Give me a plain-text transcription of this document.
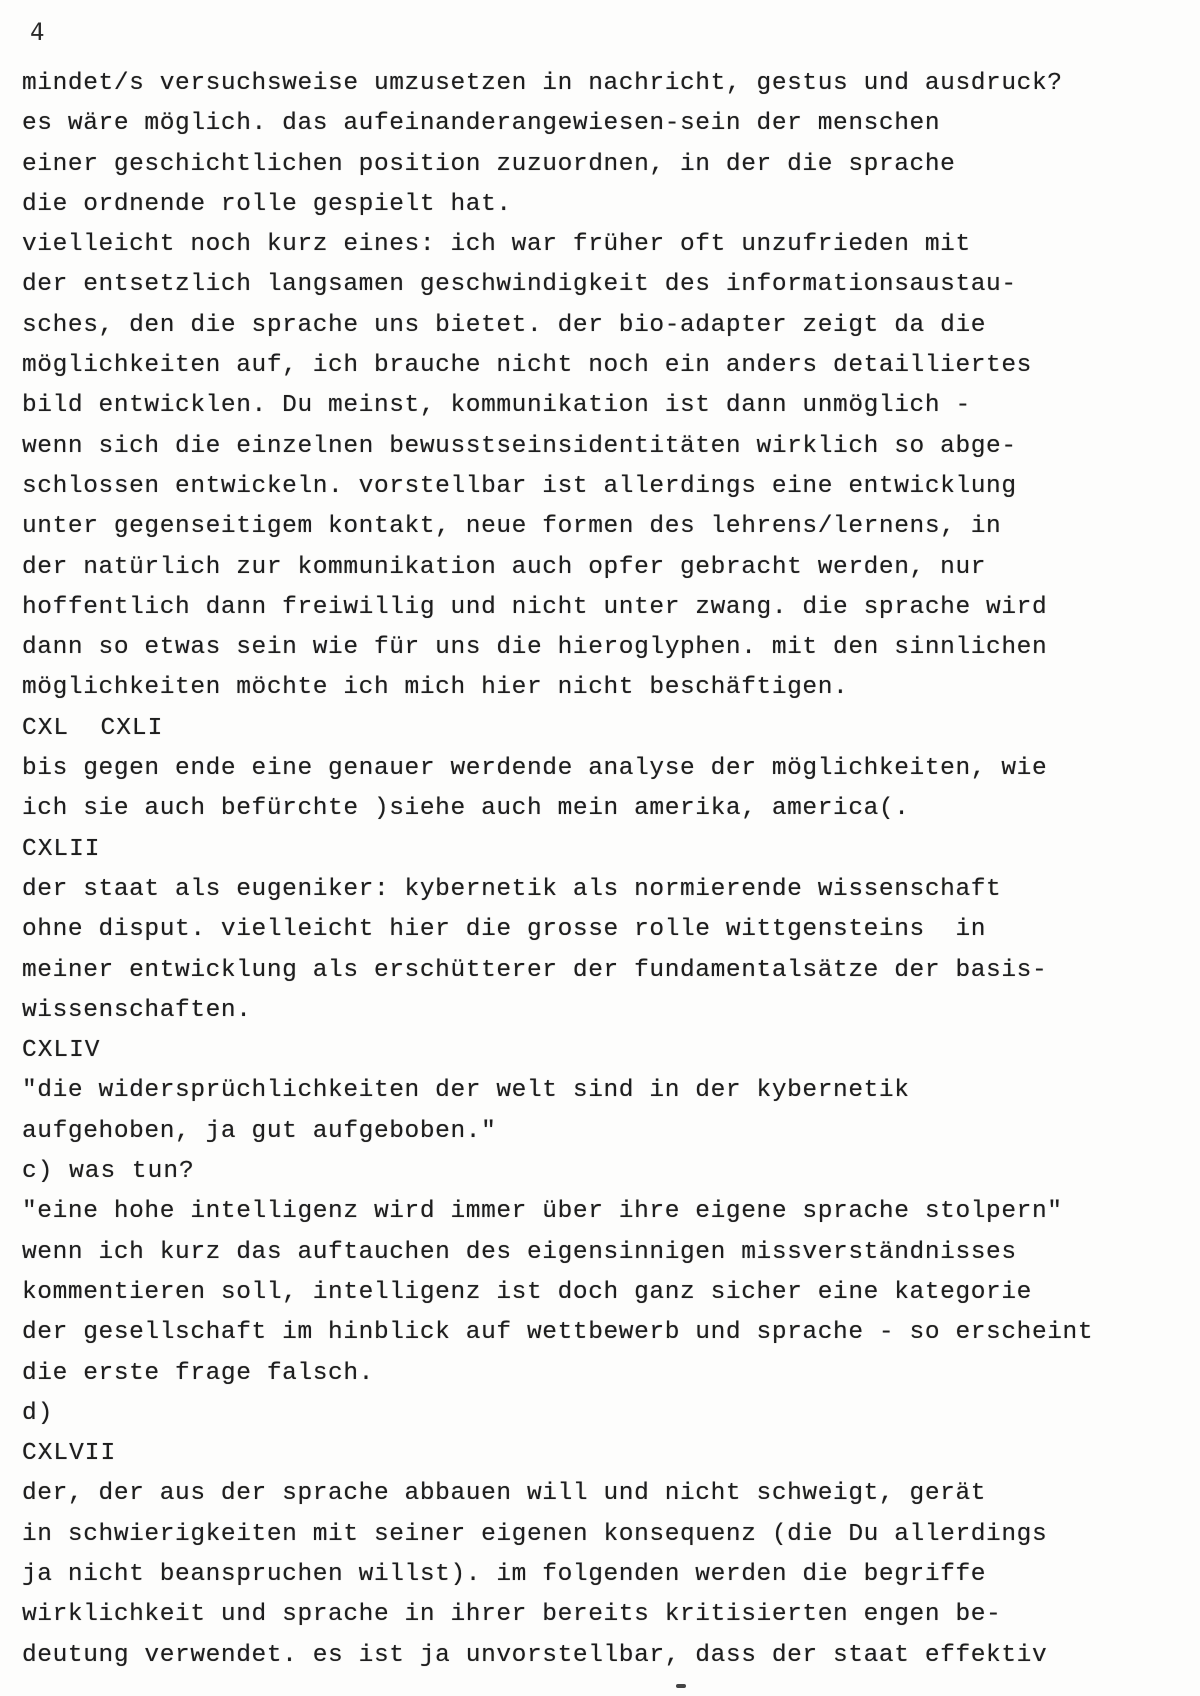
4
mindet/s versuchsweise umzusetzen in nachricht, gestus und ausdruck?
es wäre möglich. das aufeinanderangewiesen-sein der menschen
einer geschichtlichen position zuzuordnen, in der die sprache
die ordnende rolle gespielt hat.
vielleicht noch kurz eines: ich war früher oft unzufrieden mit
der entsetzlich langsamen geschwindigkeit des informationsaustau-
sches, den die sprache uns bietet. der bio-adapter zeigt da die
möglichkeiten auf, ich brauche nicht noch ein anders detailliertes
bild entwicklen. Du meinst, kommunikation ist dann unmöglich -
wenn sich die einzelnen bewusstseinsidentitäten wirklich so abge-
schlossen entwickeln. vorstellbar ist allerdings eine entwicklung
unter gegenseitigem kontakt, neue formen des lehrens/lernens, in
der natürlich zur kommunikation auch opfer gebracht werden, nur
hoffentlich dann freiwillig und nicht unter zwang. die sprache wird
dann so etwas sein wie für uns die hieroglyphen. mit den sinnlichen
möglichkeiten möchte ich mich hier nicht beschäftigen.
CXL  CXLI
bis gegen ende eine genauer werdende analyse der möglichkeiten, wie
ich sie auch befürchte )siehe auch mein amerika, america(.
CXLII
der staat als eugeniker: kybernetik als normierende wissenschaft
ohne disput. vielleicht hier die grosse rolle wittgensteins  in
meiner entwicklung als erschütterer der fundamentalsätze der basis-
wissenschaften.
CXLIV
"die widersprüchlichkeiten der welt sind in der kybernetik
aufgehoben, ja gut aufgeboben."
c) was tun?
"eine hohe intelligenz wird immer über ihre eigene sprache stolpern"
wenn ich kurz das auftauchen des eigensinnigen missverständnisses
kommentieren soll, intelligenz ist doch ganz sicher eine kategorie
der gesellschaft im hinblick auf wettbewerb und sprache - so erscheint
die erste frage falsch.
d)
CXLVII
der, der aus der sprache abbauen will und nicht schweigt, gerät
in schwierigkeiten mit seiner eigenen konsequenz (die Du allerdings
ja nicht beanspruchen willst). im folgenden werden die begriffe
wirklichkeit und sprache in ihrer bereits kritisierten engen be-
deutung verwendet. es ist ja unvorstellbar, dass der staat effektiv
